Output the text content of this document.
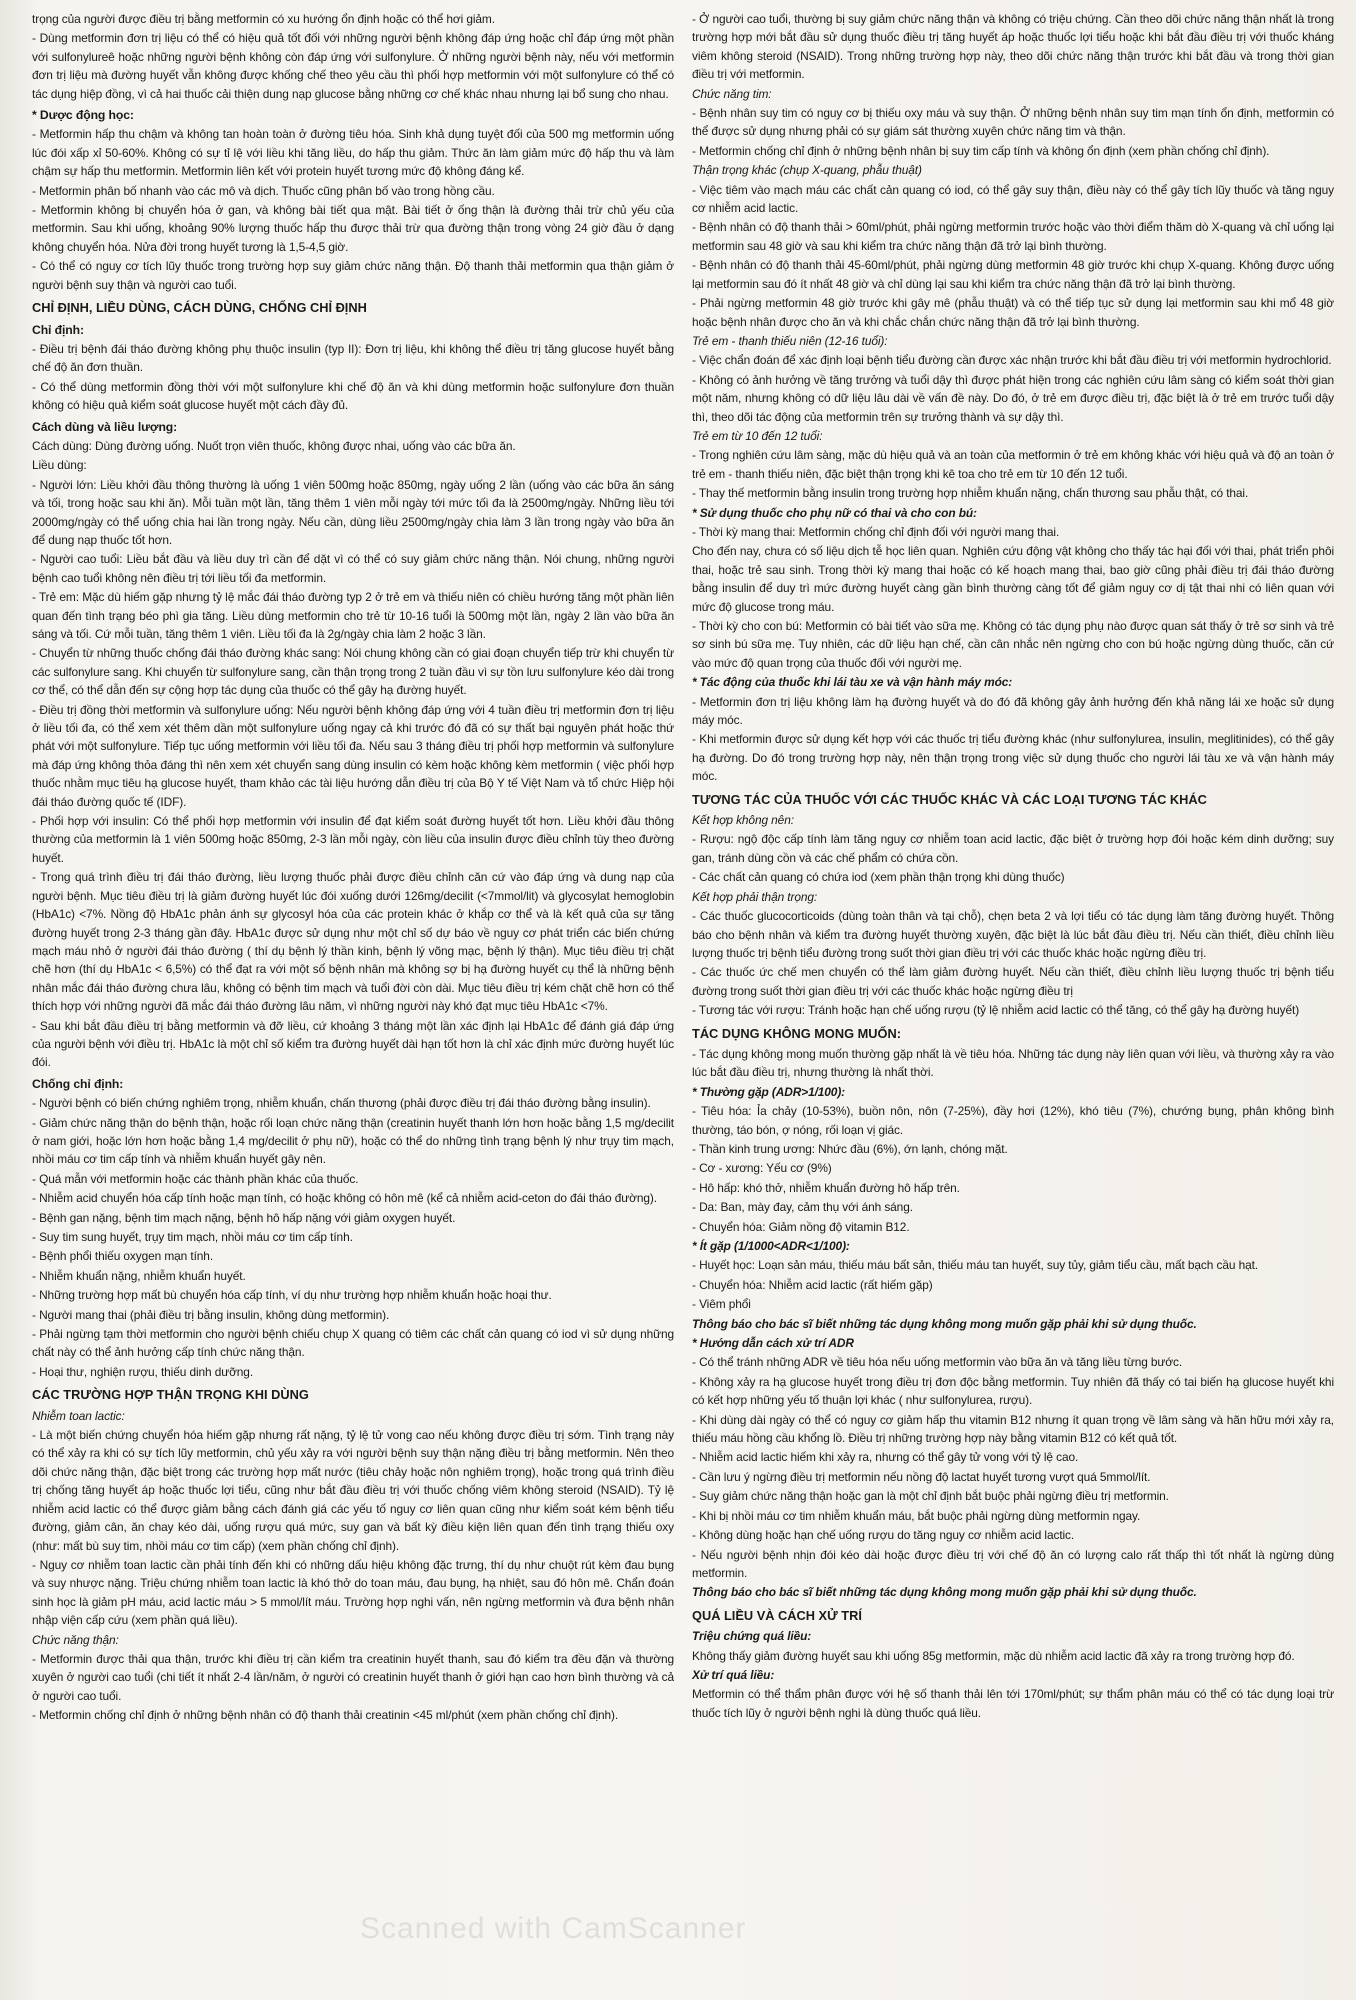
trọng của người được điều trị bằng metformin có xu hướng ổn định hoặc có thể hơi giảm.

- Dùng metformin đơn trị liệu có thể có hiệu quả tốt đối với những người bệnh không đáp ứng hoặc chỉ đáp ứng một phần với sulfonylureê hoặc những người bệnh không còn đáp ứng với sulfonylure. Ở những người bệnh này, nếu với metformin đơn trị liệu mà đường huyết vẫn không được khống chế theo yêu cầu thì phối hợp metformin với một sulfonylure có thể có tác dụng hiệp đồng, vì cả hai thuốc cải thiện dung nạp glucose bằng những cơ chế khác nhau nhưng lại bổ sung cho nhau.

* Dược động học:

- Metformin hấp thu chậm và không tan hoàn toàn ở đường tiêu hóa. Sinh khả dụng tuyệt đối của 500 mg metformin uống lúc đói xấp xỉ 50-60%. Không có sự tỉ lệ với liều khi tăng liều, do hấp thu giảm. Thức ăn làm giảm mức độ hấp thu và làm chậm sự hấp thu metformin. Metformin liên kết với protein huyết tương mức độ không đáng kể.

- Metformin phân bố nhanh vào các mô và dịch. Thuốc cũng phân bố vào trong hồng cầu.

- Metformin không bị chuyển hóa ở gan, và không bài tiết qua mật. Bài tiết ở ống thận là đường thải trừ chủ yếu của metformin. Sau khi uống, khoảng 90% lượng thuốc hấp thu được thải trừ qua đường thận trong vòng 24 giờ đầu ở dạng không chuyển hóa. Nửa đời trong huyết tương là 1,5-4,5 giờ.

- Có thể có nguy cơ tích lũy thuốc trong trường hợp suy giảm chức năng thận. Độ thanh thải metformin qua thận giảm ở người bệnh suy thận và người cao tuổi.

CHỈ ĐỊNH, LIỀU DÙNG, CÁCH DÙNG, CHỐNG CHỈ ĐỊNH

Chỉ định:

- Điều trị bệnh đái tháo đường không phụ thuộc insulin (typ II): Đơn trị liệu, khi không thể điều trị tăng glucose huyết bằng chế độ ăn đơn thuần.

- Có thể dùng metformin đồng thời với một sulfonylure khi chế độ ăn và khi dùng metformin hoặc sulfonylure đơn thuần không có hiệu quả kiểm soát glucose huyết một cách đầy đủ.

Cách dùng và liều lượng:

Cách dùng: Dùng đường uống. Nuốt trọn viên thuốc, không được nhai, uống vào các bữa ăn.

Liều dùng:

- Người lớn: Liều khởi đầu thông thường là uống 1 viên 500mg hoặc 850mg, ngày uống 2 lần (uống vào các bữa ăn sáng và tối, trong hoặc sau khi ăn). Mỗi tuần một lần, tăng thêm 1 viên mỗi ngày tới mức tối đa là 2500mg/ngày. Những liều tới 2000mg/ngày có thể uống chia hai lần trong ngày. Nếu cần, dùng liều 2500mg/ngày chia làm 3 lần trong ngày vào bữa ăn để dung nạp thuốc tốt hơn.

- Người cao tuổi: Liều bắt đầu và liều duy trì cần để dặt vì có thể có suy giảm chức năng thận. Nói chung, những người bệnh cao tuổi không nên điều trị tới liều tối đa metformin.

- Trẻ em: Mặc dù hiếm gặp nhưng tỷ lệ mắc đái tháo đường typ 2 ở trẻ em và thiếu niên có chiều hướng tăng một phần liên quan đến tình trạng béo phì gia tăng. Liều dùng metformin cho trẻ từ 10-16 tuổi là 500mg một lần, ngày 2 lần vào bữa ăn sáng và tối. Cứ mỗi tuần, tăng thêm 1 viên. Liều tối đa là 2g/ngày chia làm 2 hoặc 3 lần.

- Chuyển từ những thuốc chống đái tháo đường khác sang: Nói chung không cần có giai đoạn chuyển tiếp trừ khi chuyển từ các sulfonylure sang. Khi chuyển từ sulfonylure sang, cần thận trọng trong 2 tuần đầu vì sự tồn lưu sulfonylure kéo dài trong cơ thể, có thể dẫn đến sự cộng hợp tác dụng của thuốc có thể gây hạ đường huyết.

- Điều trị đồng thời metformin và sulfonylure uống: Nếu người bệnh không đáp ứng với 4 tuần điều trị metformin đơn trị liệu ở liều tối đa, có thể xem xét thêm dần một sulfonylure uống ngay cả khi trước đó đã có sự thất bại nguyên phát hoặc thứ phát với một sulfonylure. Tiếp tục uống metformin với liều tối đa. Nếu sau 3 tháng điều trị phối hợp metformin và sulfonylure mà đáp ứng không thỏa đáng thì nên xem xét chuyển sang dùng insulin có kèm hoặc không kèm metformin ( việc phối hợp thuốc nhằm mục tiêu hạ glucose huyết, tham khảo các tài liệu hướng dẫn điều trị của Bộ Y tế Việt Nam và tổ chức Hiệp hội đái tháo đường quốc tế (IDF).

- Phối hợp với insulin: Có thể phối hợp metformin với insulin để đạt kiểm soát đường huyết tốt hơn. Liều khởi đầu thông thường của metformin là 1 viên 500mg hoặc 850mg, 2-3 lần mỗi ngày, còn liều của insulin được điều chỉnh tùy theo đường huyết.

- Trong quá trình điều trị đái tháo đường, liều lượng thuốc phải được điều chỉnh căn cứ vào đáp ứng và dung nạp của người bệnh. Mục tiêu điều trị là giảm đường huyết lúc đói xuống dưới 126mg/decilit (<7mmol/lit) và glycosylat hemoglobin (HbA1c) <7%. Nồng độ HbA1c phản ánh sự glycosyl hóa của các protein khác ở khắp cơ thể và là kết quả của sự tăng đường huyết trong 2-3 tháng gần đây. HbA1c được sử dụng như một chỉ số dự báo về nguy cơ phát triển các biến chứng mạch máu nhỏ ở người đái tháo đường ( thí dụ bệnh lý thần kinh, bệnh lý võng mạc, bệnh lý thận). Mục tiêu điều trị chặt chẽ hơn (thí dụ HbA1c < 6,5%) có thể đạt ra với một số bệnh nhân mà không sợ bị hạ đường huyết cụ thể là những bệnh nhân mắc đái tháo đường chưa lâu, không có bệnh tim mạch và tuổi đời còn dài. Mục tiêu điều trị kém chặt chẽ hơn có thể thích hợp với những người đã mắc đái tháo đường lâu năm, vì những người này khó đạt mục tiêu HbA1c <7%.

- Sau khi bắt đầu điều trị bằng metformin và đỡ liều, cứ khoảng 3 tháng một lần xác định lại HbA1c để đánh giá đáp ứng của người bệnh với điều trị. HbA1c là một chỉ số kiểm tra đường huyết dài hạn tốt hơn là chỉ xác định mức đường huyết lúc đói.

Chống chỉ định:

- Người bệnh có biến chứng nghiêm trọng, nhiễm khuẩn, chấn thương (phải được điều trị đái tháo đường bằng insulin).

- Giảm chức năng thận do bệnh thận, hoặc rối loạn chức năng thận (creatinin huyết thanh lớn hơn hoặc bằng 1,5 mg/decilit ở nam giới, hoặc lớn hơn hoặc bằng 1,4 mg/decilit ở phụ nữ), hoặc có thể do những tình trạng bệnh lý như trụy tim mạch, nhồi máu cơ tim cấp tính và nhiễm khuẩn huyết gây nên.

- Quá mẫn với metformin hoặc các thành phần khác của thuốc.

- Nhiễm acid chuyển hóa cấp tính hoặc mạn tính, có hoặc không có hôn mê (kể cả nhiễm acid-ceton do đái tháo đường).

- Bệnh gan nặng, bệnh tim mạch nặng, bệnh hô hấp nặng với giảm oxygen huyết.

- Suy tim sung huyết, trụy tim mạch, nhồi máu cơ tim cấp tính.

- Bệnh phổi thiếu oxygen mạn tính.

- Nhiễm khuẩn nặng, nhiễm khuẩn huyết.

- Những trường hợp mất bù chuyển hóa cấp tính, ví dụ như trường hợp nhiễm khuẩn hoặc hoại thư.

- Người mang thai (phải điều trị bằng insulin, không dùng metformin).

- Phải ngừng tạm thời metformin cho người bệnh chiếu chụp X quang có tiêm các chất cản quang có iod vì sử dụng những chất này có thể ảnh hưởng cấp tính chức năng thận.

- Hoại thư, nghiện rượu, thiếu dinh dưỡng.

CÁC TRƯỜNG HỢP THẬN TRỌNG KHI DÙNG

Nhiễm toan lactic:

- Là một biến chứng chuyển hóa hiếm gặp nhưng rất nặng, tỷ lệ tử vong cao nếu không được điều trị sớm. Tình trạng này có thể xảy ra khi có sự tích lũy metformin, chủ yếu xảy ra với người bệnh suy thận nặng điều trị bằng metformin. Nên theo dõi chức năng thận, đặc biệt trong các trường hợp mất nước (tiêu chảy hoặc nôn nghiêm trọng), hoặc trong quá trình điều trị chống tăng huyết áp hoặc thuốc lợi tiểu, cũng như bắt đầu điều trị với thuốc chống viêm không steroid (NSAID). Tỷ lệ nhiễm acid lactic có thể được giảm bằng cách đánh giá các yếu tố nguy cơ liên quan cũng như kiểm soát kém bệnh tiểu đường, giảm cân, ăn chay kéo dài, uống rượu quá mức, suy gan và bất kỳ điều kiện liên quan đến tình trạng thiếu oxy (như: mất bù suy tim, nhồi máu cơ tim cấp) (xem phần chống chỉ định).

- Nguy cơ nhiễm toan lactic cần phải tính đến khi có những dấu hiệu không đặc trưng, thí dụ như chuột rút kèm đau bụng và suy nhược nặng. Triệu chứng nhiễm toan lactic là khó thở do toan máu, đau bụng, hạ nhiệt, sau đó hôn mê. Chẩn đoán sinh học là giảm pH máu, acid lactic máu > 5 mmol/lít máu. Trường hợp nghi vấn, nên ngừng metformin và đưa bệnh nhân nhập viện cấp cứu (xem phần quá liều).

Chức năng thận:

- Metformin được thải qua thận, trước khi điều trị cần kiểm tra creatinin huyết thanh, sau đó kiểm tra đều đặn và thường xuyên ở người cao tuổi (chi tiết ít nhất 2-4 lần/năm, ở người có creatinin huyết thanh ở giới hạn cao hơn bình thường và cả ở người cao tuổi.

- Metformin chống chỉ định ở những bệnh nhân có độ thanh thải creatinin <45 ml/phút (xem phần chống chỉ định).

- Ở người cao tuổi, thường bị suy giảm chức năng thận và không có triệu chứng. Cần theo dõi chức năng thận nhất là trong trường hợp mới bắt đầu sử dụng thuốc điều trị tăng huyết áp hoặc thuốc lợi tiểu hoặc khi bắt đầu điều trị với thuốc kháng viêm không steroid (NSAID). Trong những trường hợp này, theo dõi chức năng thận trước khi bắt đầu và trong thời gian điều trị với metformin.

Chức năng tim:

- Bệnh nhân suy tim có nguy cơ bị thiếu oxy máu và suy thận. Ở những bệnh nhân suy tim mạn tính ổn định, metformin có thể được sử dụng nhưng phải có sự giám sát thường xuyên chức năng tim và thận.

- Metformin chống chỉ định ở những bệnh nhân bị suy tim cấp tính và không ổn định (xem phần chống chỉ định).

Thận trọng khác (chụp X-quang, phẫu thuật)

- Việc tiêm vào mạch máu các chất cản quang có iod, có thể gây suy thận, điều này có thể gây tích lũy thuốc và tăng nguy cơ nhiễm acid lactic.

- Bệnh nhân có độ thanh thải > 60ml/phút, phải ngừng metformin trước hoặc vào thời điểm thăm dò X-quang và chỉ uống lại metformin sau 48 giờ và sau khi kiểm tra chức năng thận đã trở lại bình thường.

- Bệnh nhân có độ thanh thải 45-60ml/phút, phải ngừng dùng metformin 48 giờ trước khi chụp X-quang. Không được uống lại metformin sau đó ít nhất 48 giờ và chỉ dùng lại sau khi kiểm tra chức năng thận đã trở lại bình thường.

- Phải ngừng metformin 48 giờ trước khi gây mê (phẫu thuật) và có thể tiếp tục sử dụng lại metformin sau khi mổ 48 giờ hoặc bệnh nhân được cho ăn và khi chắc chắn chức năng thận đã trở lại bình thường.

Trẻ em - thanh thiếu niên (12-16 tuổi):

- Việc chẩn đoán để xác định loại bệnh tiểu đường cần được xác nhận trước khi bắt đầu điều trị với metformin hydrochlorid.

- Không có ảnh hưởng về tăng trưởng và tuổi dậy thì được phát hiện trong các nghiên cứu lâm sàng có kiểm soát thời gian một năm, nhưng không có dữ liệu lâu dài về vấn đề này. Do đó, ở trẻ em được điều trị, đặc biệt là ở trẻ em trước tuổi dậy thì, theo dõi tác động của metformin trên sự trưởng thành và sự dậy thì.

Trẻ em từ 10 đến 12 tuổi:

- Trong nghiên cứu lâm sàng, mặc dù hiệu quả và an toàn của metformin ở trẻ em không khác với hiệu quả và độ an toàn ở trẻ em - thanh thiếu niên, đặc biệt thận trọng khi kê toa cho trẻ em từ 10 đến 12 tuổi.

- Thay thế metformin bằng insulin trong trường hợp nhiễm khuẩn nặng, chấn thương sau phẫu thật, có thai.

* Sử dụng thuốc cho phụ nữ có thai và cho con bú:

- Thời kỳ mang thai: Metformin chống chỉ định đối với người mang thai.

Cho đến nay, chưa có số liệu dịch tễ học liên quan. Nghiên cứu động vật không cho thấy tác hại đối với thai, phát triển phôi thai, hoặc trẻ sau sinh. Trong thời kỳ mang thai hoặc có kế hoạch mang thai, bao giờ cũng phải điều trị đái tháo đường bằng insulin để duy trì mức đường huyết càng gần bình thường càng tốt để giảm nguy cơ dị tật thai nhi có liên quan với mức độ glucose trong máu.

- Thời kỳ cho con bú: Metformin có bài tiết vào sữa mẹ. Không có tác dụng phụ nào được quan sát thấy ở trẻ sơ sinh và trẻ sơ sinh bú sữa mẹ. Tuy nhiên, các dữ liệu hạn chế, cần cân nhắc nên ngừng cho con bú hoặc ngừng dùng thuốc, căn cứ vào mức độ quan trọng của thuốc đối với người mẹ.

* Tác động của thuốc khi lái tàu xe và vận hành máy móc:

- Metformin đơn trị liệu không làm hạ đường huyết và do đó đã không gây ảnh hưởng đến khả năng lái xe hoặc sử dụng máy móc.

- Khi metformin được sử dụng kết hợp với các thuốc trị tiểu đường khác (như sulfonylurea, insulin, meglitinides), có thể gây hạ đường. Do đó trong trường hợp này, nên thận trọng trong việc sử dụng thuốc cho người lái tàu xe và vận hành máy móc.

TƯƠNG TÁC CỦA THUỐC VỚI CÁC THUỐC KHÁC VÀ CÁC LOẠI TƯƠNG TÁC KHÁC

Kết hợp không nên:

- Rượu: ngộ độc cấp tính làm tăng nguy cơ nhiễm toan acid lactic, đặc biệt ở trường hợp đói hoặc kém dinh dưỡng; suy gan, tránh dùng cồn và các chế phẩm có chứa cồn.

- Các chất cản quang có chứa iod (xem phần thận trọng khi dùng thuốc)

Kết hợp phải thận trọng:

- Các thuốc glucocorticoids (dùng toàn thân và tại chỗ), chẹn beta 2 và lợi tiểu có tác dụng làm tăng đường huyết. Thông báo cho bệnh nhân và kiểm tra đường huyết thường xuyên, đặc biệt là lúc bắt đầu điều trị. Nếu cần thiết, điều chỉnh liều lượng thuốc trị bệnh tiểu đường trong suốt thời gian điều trị với các thuốc khác hoặc ngừng điều trị.

- Các thuốc ức chế men chuyển có thể làm giảm đường huyết. Nếu cần thiết, điều chỉnh liều lượng thuốc trị bệnh tiểu đường trong suốt thời gian điều trị với các thuốc khác hoặc ngừng điều trị

- Tương tác với rượu: Tránh hoặc hạn chế uống rượu (tỷ lệ nhiễm acid lactic có thể tăng, có thể gây hạ đường huyết)

TÁC DỤNG KHÔNG MONG MUỐN:

- Tác dụng không mong muốn thường gặp nhất là về tiêu hóa. Những tác dụng này liên quan với liều, và thường xảy ra vào lúc bắt đầu điều trị, nhưng thường là nhất thời.

* Thường gặp (ADR>1/100):

- Tiêu hóa: Ỉa chảy (10-53%), buồn nôn, nôn (7-25%), đầy hơi (12%), khó tiêu (7%), chướng bụng, phân không bình thường, táo bón, ợ nóng, rối loạn vị giác.

- Thần kinh trung ương: Nhức đầu (6%), ớn lạnh, chóng mặt.

- Cơ - xương: Yếu cơ (9%)

- Hô hấp: khó thở, nhiễm khuẩn đường hô hấp trên.

- Da: Ban, mày đay, cảm thụ với ánh sáng.

- Chuyển hóa: Giảm nồng độ vitamin B12.

* Ít gặp (1/1000<ADR<1/100):

- Huyết học: Loạn sản máu, thiếu máu bất sản, thiếu máu tan huyết, suy tủy, giảm tiểu cầu, mất bạch cầu hạt.

- Chuyển hóa: Nhiễm acid lactic (rất hiếm gặp)

- Viêm phổi

Thông báo cho bác sĩ biết những tác dụng không mong muốn gặp phải khi sử dụng thuốc.

* Hướng dẫn cách xử trí ADR

- Có thể tránh những ADR về tiêu hóa nếu uống metformin vào bữa ăn và tăng liều từng bước.

- Không xảy ra hạ glucose huyết trong điều trị đơn độc bằng metformin. Tuy nhiên đã thấy có tai biến hạ glucose huyết khi có kết hợp những yếu tố thuận lợi khác ( như sulfonylurea, rượu).

- Khi dùng dài ngày có thể có nguy cơ giảm hấp thu vitamin B12 nhưng ít quan trọng về lâm sàng và hãn hữu mới xảy ra, thiếu máu hồng cầu khổng lồ. Điều trị những trường hợp này bằng vitamin B12 có kết quả tốt.

- Nhiễm acid lactic hiếm khi xảy ra, nhưng có thể gây tử vong với tỷ lệ cao.

- Cần lưu ý ngừng điều trị metformin nếu nồng độ lactat huyết tương vượt quá 5mmol/lít.

- Suy giảm chức năng thận hoặc gan là một chỉ định bắt buộc phải ngừng điều trị metformin.

- Khi bị nhồi máu cơ tim nhiễm khuẩn máu, bắt buộc phải ngừng dùng metformin ngay.

- Không dùng hoặc hạn chế uống rượu do tăng nguy cơ nhiễm acid lactic.

- Nếu người bệnh nhịn đói kéo dài hoặc được điều trị với chế độ ăn có lượng calo rất thấp thì tốt nhất là ngừng dùng metformin.

Thông báo cho bác sĩ biết những tác dụng không mong muốn gặp phải khi sử dụng thuốc.

QUÁ LIỀU VÀ CÁCH XỬ TRÍ

Triệu chứng quá liều:

Không thấy giảm đường huyết sau khi uống 85g metformin, mặc dù nhiễm acid lactic đã xảy ra trong trường hợp đó.

Xử trí quá liều:

Metformin có thể thẩm phân được với hệ số thanh thải lên tới 170ml/phút; sự thẩm phân máu có thể có tác dụng loại trừ thuốc tích lũy ở người bệnh nghi là dùng thuốc quá liều.

Scanned with CamScanner
